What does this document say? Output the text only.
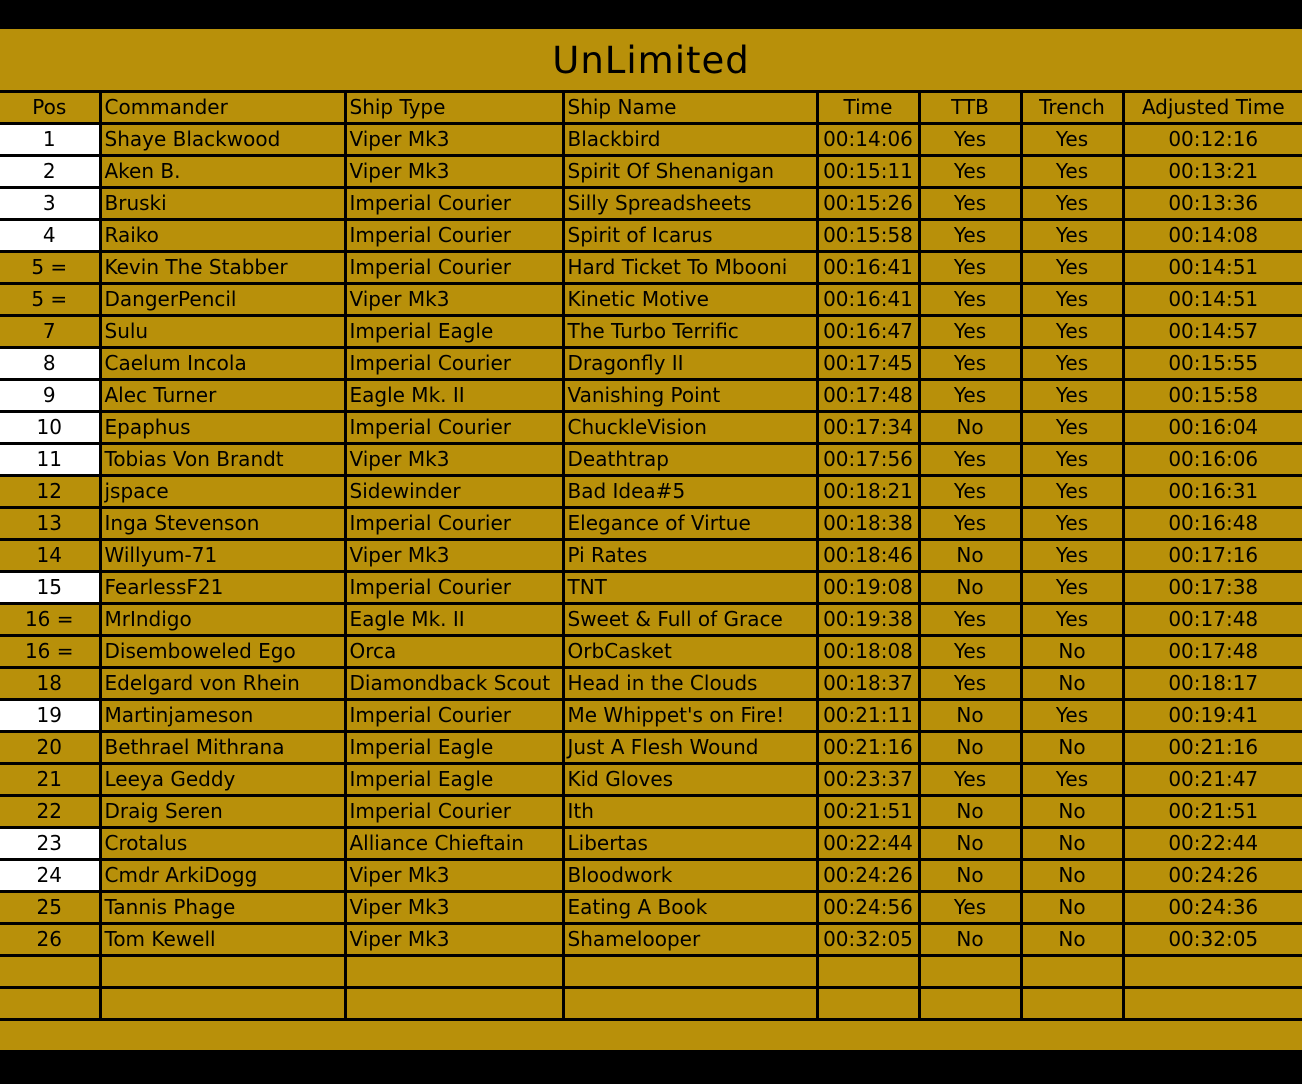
UnLimited
Pos	Commander	Ship Type	Ship Name	Time	TTB	Trench	Adjusted Time
1	Shaye Blackwood	Viper Mk3	Blackbird	00:14:06	Yes	Yes	00:12:16
2	Aken B.	Viper Mk3	Spirit Of Shenanigan	00:15:11	Yes	Yes	00:13:21
3	Bruski	Imperial Courier	Silly Spreadsheets	00:15:26	Yes	Yes	00:13:36
4	Raiko	Imperial Courier	Spirit of Icarus	00:15:58	Yes	Yes	00:14:08
5 =	Kevin The Stabber	Imperial Courier	Hard Ticket To Mbooni	00:16:41	Yes	Yes	00:14:51
5 =	DangerPencil	Viper Mk3	Kinetic Motive	00:16:41	Yes	Yes	00:14:51
7	Sulu	Imperial Eagle	The Turbo Terrific	00:16:47	Yes	Yes	00:14:57
8	Caelum Incola	Imperial Courier	Dragonfly II	00:17:45	Yes	Yes	00:15:55
9	Alec Turner	Eagle Mk. II	Vanishing Point	00:17:48	Yes	Yes	00:15:58
10	Epaphus	Imperial Courier	ChuckleVision	00:17:34	No	Yes	00:16:04
11	Tobias Von Brandt	Viper Mk3	Deathtrap	00:17:56	Yes	Yes	00:16:06
12	jspace	Sidewinder	Bad Idea#5	00:18:21	Yes	Yes	00:16:31
13	Inga Stevenson	Imperial Courier	Elegance of Virtue	00:18:38	Yes	Yes	00:16:48
14	Willyum-71	Viper Mk3	Pi Rates	00:18:46	No	Yes	00:17:16
15	FearlessF21	Imperial Courier	TNT	00:19:08	No	Yes	00:17:38
16 =	MrIndigo	Eagle Mk. II	Sweet & Full of Grace	00:19:38	Yes	Yes	00:17:48
16 =	Disemboweled Ego	Orca	OrbCasket	00:18:08	Yes	No	00:17:48
18	Edelgard von Rhein	Diamondback Scout	Head in the Clouds	00:18:37	Yes	No	00:18:17
19	Martinjameson	Imperial Courier	Me Whippet's on Fire!	00:21:11	No	Yes	00:19:41
20	Bethrael Mithrana	Imperial Eagle	Just A Flesh Wound	00:21:16	No	No	00:21:16
21	Leeya Geddy	Imperial Eagle	Kid Gloves	00:23:37	Yes	Yes	00:21:47
22	Draig Seren	Imperial Courier	Ith	00:21:51	No	No	00:21:51
23	Crotalus	Alliance Chieftain	Libertas	00:22:44	No	No	00:22:44
24	Cmdr ArkiDogg	Viper Mk3	Bloodwork	00:24:26	No	No	00:24:26
25	Tannis Phage	Viper Mk3	Eating A Book	00:24:56	Yes	No	00:24:36
26	Tom Kewell	Viper Mk3	Shamelooper	00:32:05	No	No	00:32:05
